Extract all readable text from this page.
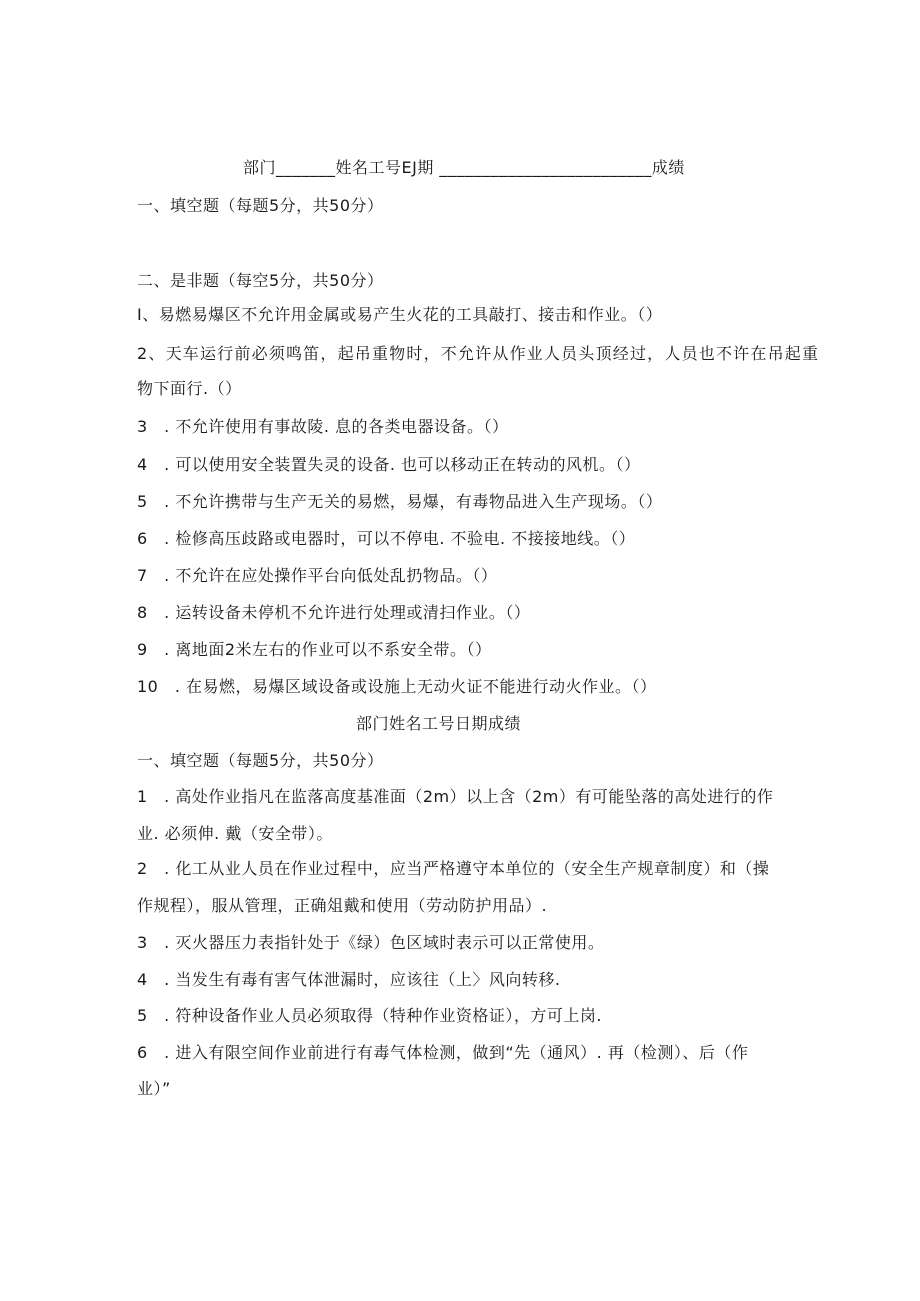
部门_______姓名工号EJ期 _________________________成绩
一、填空题（每题5分，共50分）
二、是非题（每空5分，共50分）
I、易燃易爆区不允许用金属或易产生火花的工具敲打、接击和作业。（）
2、天车运行前必须鸣笛，起吊重物时，不允许从作业人员头顶经过，人员也不许在吊起重
物下面行.（）
3　. 不允许使用有事故陵. 息的各类电器设备。（）
4　. 可以使用安全装置失灵的设备. 也可以移动正在转动的风机。（）
5　. 不允许携带与生产无关的易燃，易爆，有毒物品进入生产现场。（）
6　. 检修高压歧路或电器时，可以不停电. 不验电. 不接接地线。（）
7　. 不允许在应处操作平台向低处乱扔物品。（）
8　. 运转设备未停机不允许进行处理或清扫作业。（）
9　. 离地面2米左右的作业可以不系安全带。（）
10　. 在易燃，易爆区域设备或设施上无动火证不能进行动火作业。（）
部门姓名工号日期成绩
一、填空题（每题5分，共50分）
1　. 高处作业指凡在监落高度基准面（2m）以上含（2m）有可能坠落的高处进行的作
业. 必须伸. 戴（安全带）。
2　. 化工从业人员在作业过程中，应当严格遵守本单位的（安全生产规章制度）和（操
作规程），服从管理，正确俎戴和使用（劳动防护用品）.
3　. 灭火器压力表指针处于《绿）色区域时表示可以正常使用。
4　. 当发生有毒有害气体泄漏时，应该往（上〉风向转移.
5　. 符种设备作业人员必须取得（特种作业资格证），方可上岗.
6　. 进入有限空间作业前进行有毒气体检测，做到“先（通风）. 再（检测）、后（作
业）”
